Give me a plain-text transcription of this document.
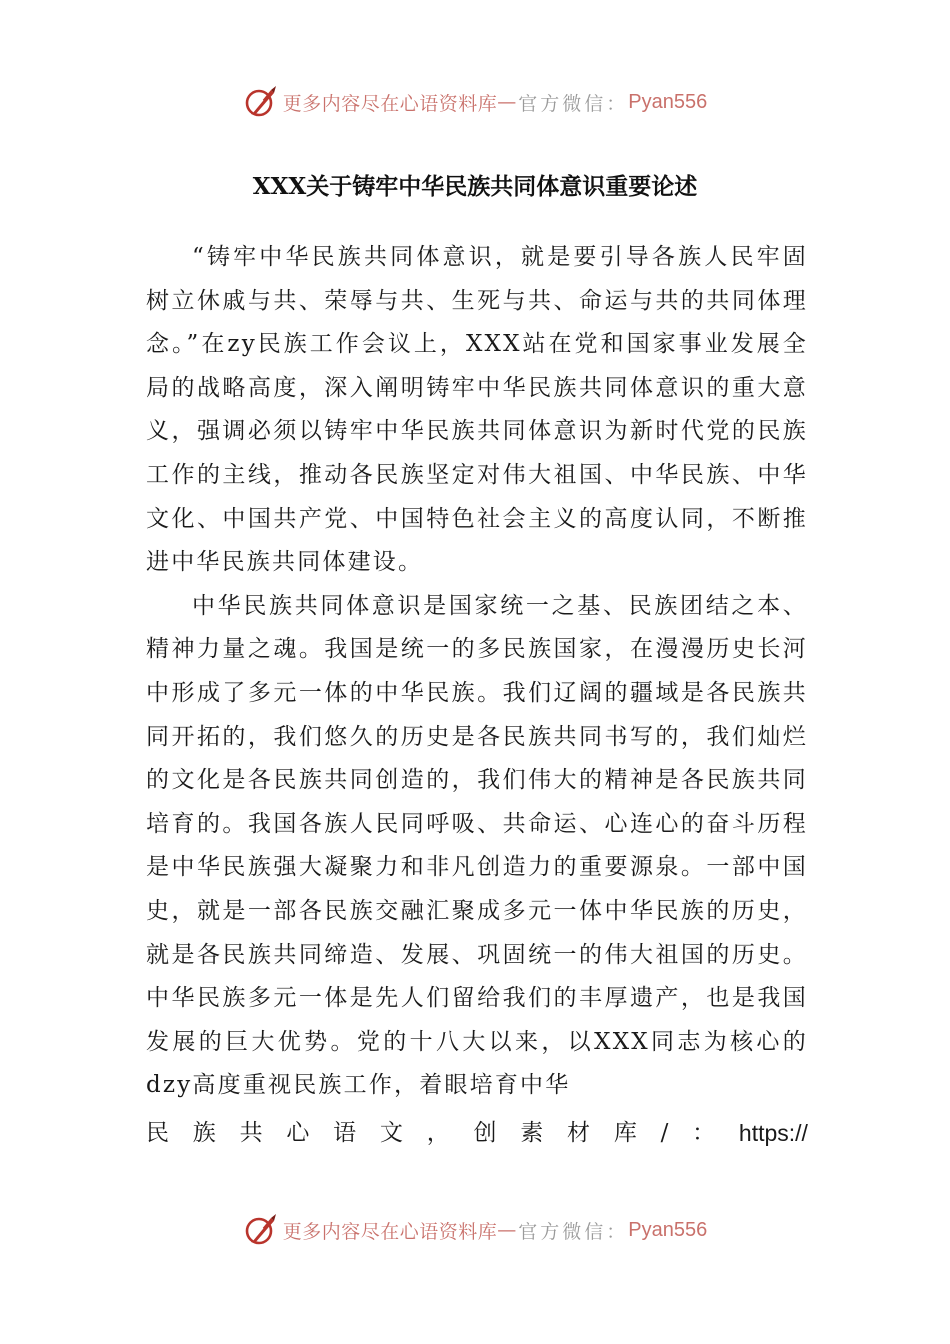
更多内容尽在心语资料库 — 官方微信： Pyan556
XXX关于铸牢中华民族共同体意识重要论述

“铸牢中华民族共同体意识，就是要引导各族人民牢固树立休戚与共、荣辱与共、生死与共、命运与共的共同体理念。”在zy民族工作会议上，XXX站在党和国家事业发展全局的战略高度，深入阐明铸牢中华民族共同体意识的重大意义，强调必须以铸牢中华民族共同体意识为新时代党的民族工作的主线，推动各民族坚定对伟大祖国、中华民族、中华文化、中国共产党、中国特色社会主义的高度认同，不断推进中华民族共同体建设。

中华民族共同体意识是国家统一之基、民族团结之本、精神力量之魂。我国是统一的多民族国家，在漫漫历史长河中形成了多元一体的中华民族。我们辽阔的疆域是各民族共同开拓的，我们悠久的历史是各民族共同书写的，我们灿烂的文化是各民族共同创造的，我们伟大的精神是各民族共同培育的。我国各族人民同呼吸、共命运、心连心的奋斗历程是中华民族强大凝聚力和非凡创造力的重要源泉。一部中国史，就是一部各民族交融汇聚成多元一体中华民族的历史，就是各民族共同缔造、发展、巩固统一的伟大祖国的历史。中华民族多元一体是先人们留给我们的丰厚遗产，也是我国发展的巨大优势。党的十八大以来，以XXX同志为核心的dzy高度重视民族工作，着眼培育中华

民 族 共 心 语 文 ， 创 素 材 库 / ： https://
更多内容尽在心语资料库 — 官方微信： Pyan556
